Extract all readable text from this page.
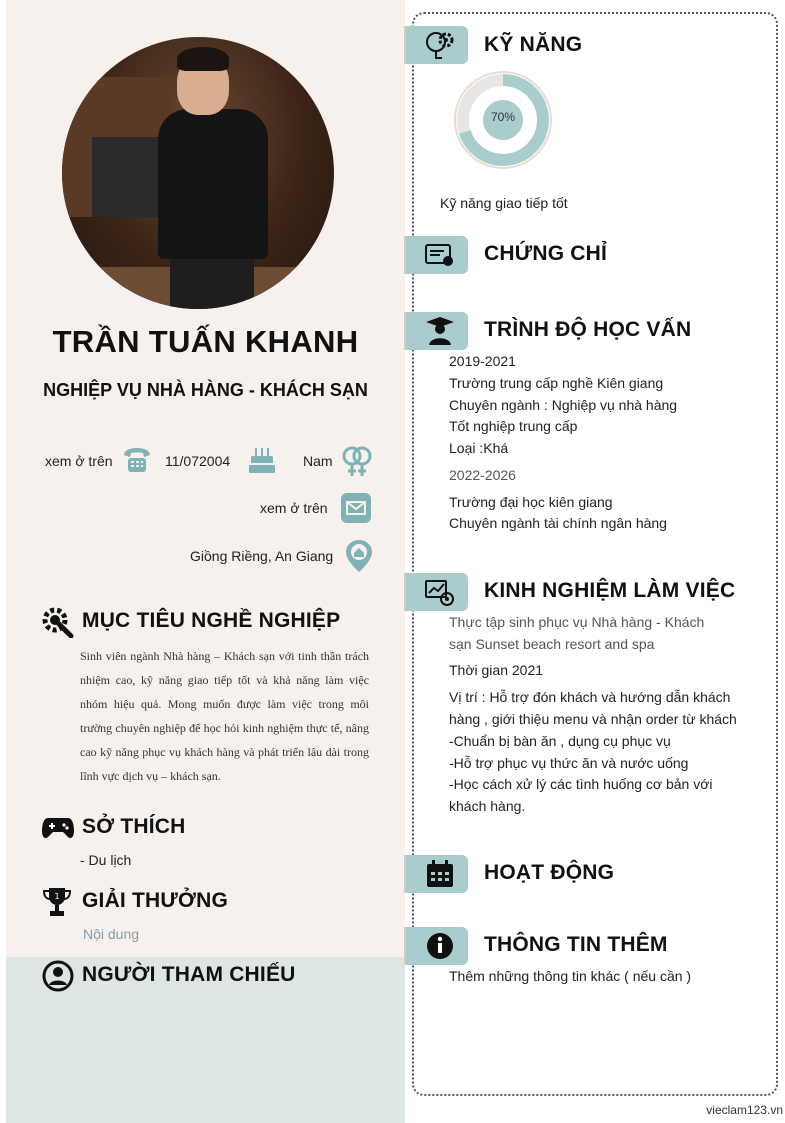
TRẦN TUẤN KHANH
NGHIỆP VỤ NHÀ HÀNG - KHÁCH SẠN
xem ở trên	11/072004	Nam
xem ở trên
Giồng Riềng, An Giang
MỤC TIÊU NGHỀ NGHIỆP
Sinh viên ngành Nhà hàng – Khách sạn với tinh thần trách nhiệm cao, kỹ năng giao tiếp tốt và khả năng làm việc nhóm hiệu quả. Mong muốn được làm việc trong môi trường chuyên nghiệp để học hỏi kinh nghiệm thực tế, nâng cao kỹ năng phục vụ khách hàng và phát triển lâu dài trong lĩnh vực dịch vụ – khách sạn.
SỞ THÍCH
- Du lịch
1 GIẢI THƯỞNG
Nội dung
NGƯỜI THAM CHIẾU
KỸ NĂNG
70%
Kỹ năng giao tiếp tốt
CHỨNG CHỈ
TRÌNH ĐỘ HỌC VẤN
2019-2021
Trường trung cấp nghề Kiên giang
Chuyên ngành : Nghiệp vụ nhà hàng
Tốt nghiệp trung cấp
Loại :Khá
2022-2026
Trường đại học kiên giang
Chuyên ngành tài chính ngân hàng
KINH NGHIỆM LÀM VIỆC
Thực tập sinh phục vụ Nhà hàng - Khách
sạn Sunset beach resort and spa
Thời gian 2021
Vị trí : Hỗ trợ đón khách và hướng dẫn khách
hàng , giới thiệu menu và nhận order từ khách
-Chuẩn bị bàn ăn , dụng cụ phục vụ
-Hỗ trợ phục vụ thức ăn và nước uống
-Học cách xử lý các tình huống cơ bản với
khách hàng.
HOẠT ĐỘNG
THÔNG TIN THÊM
Thêm những thông tin khác ( nếu cần )
vieclam123.vn
